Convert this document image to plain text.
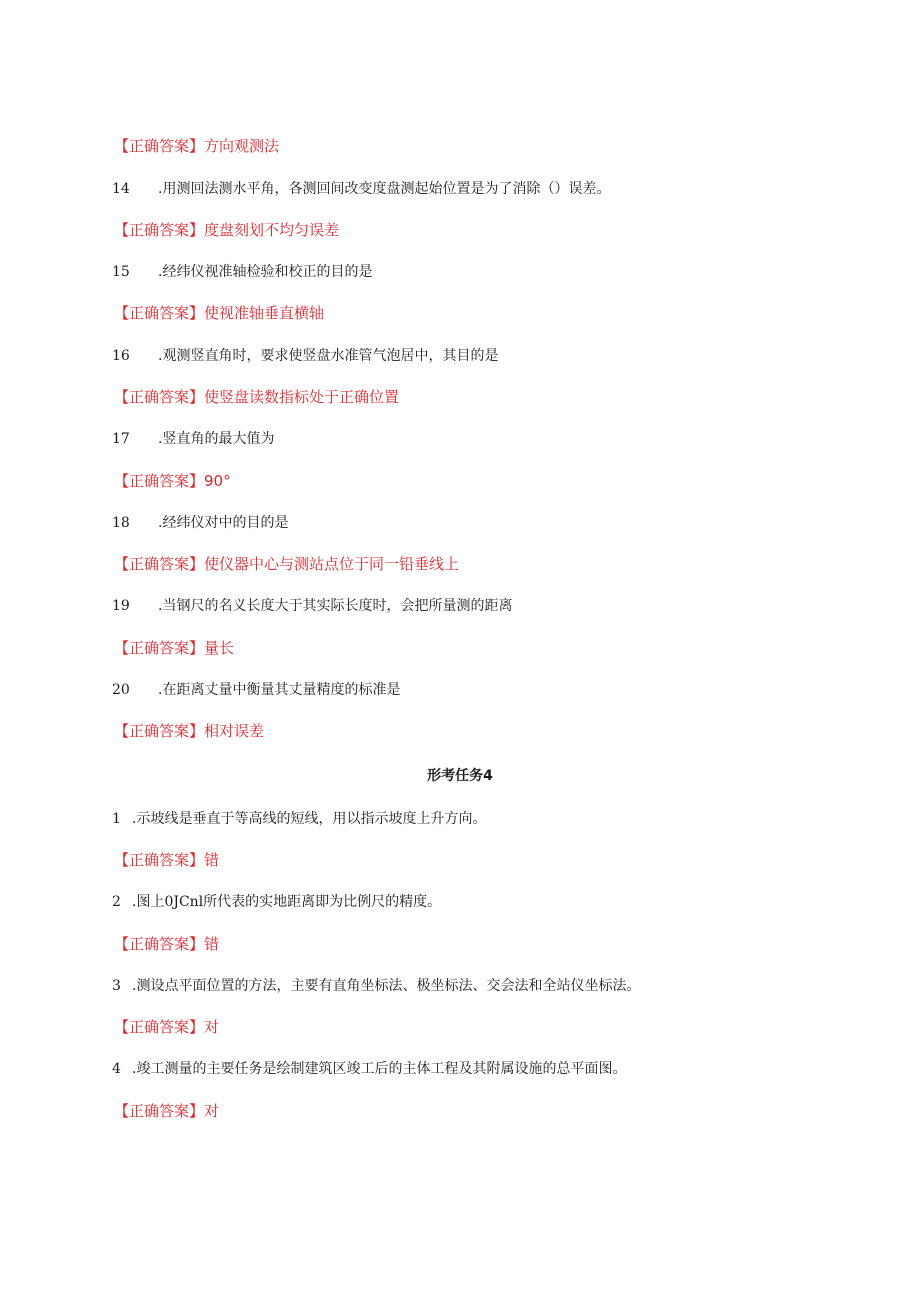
【正确答案】方向观测法
14 .用测回法测水平角，各测回间改变度盘测起始位置是为了消除（）误差。
【正确答案】度盘刻划不均匀误差
15 .经纬仪视准轴检验和校正的目的是
【正确答案】使视准轴垂直横轴
16 .观测竖直角时，要求使竖盘水准管气泡居中，其目的是
【正确答案】使竖盘读数指标处于正确位置
17 .竖直角的最大值为
【正确答案】90°
18 .经纬仪对中的目的是
【正确答案】使仪器中心与测站点位于同一铅垂线上
19 .当钢尺的名义长度大于其实际长度时，会把所量测的距离
【正确答案】量长
20 .在距离丈量中衡量其丈量精度的标准是
【正确答案】相对误差
形考任务4
1 .示坡线是垂直于等高线的短线，用以指示坡度上升方向。
【正确答案】错
2 .图上0JCnl所代表的实地距离即为比例尺的精度。
【正确答案】错
3 .测设点平面位置的方法，主要有直角坐标法、极坐标法、交会法和全站仪坐标法。
【正确答案】对
4 .竣工测量的主要任务是绘制建筑区竣工后的主体工程及其附属设施的总平面图。
【正确答案】对
